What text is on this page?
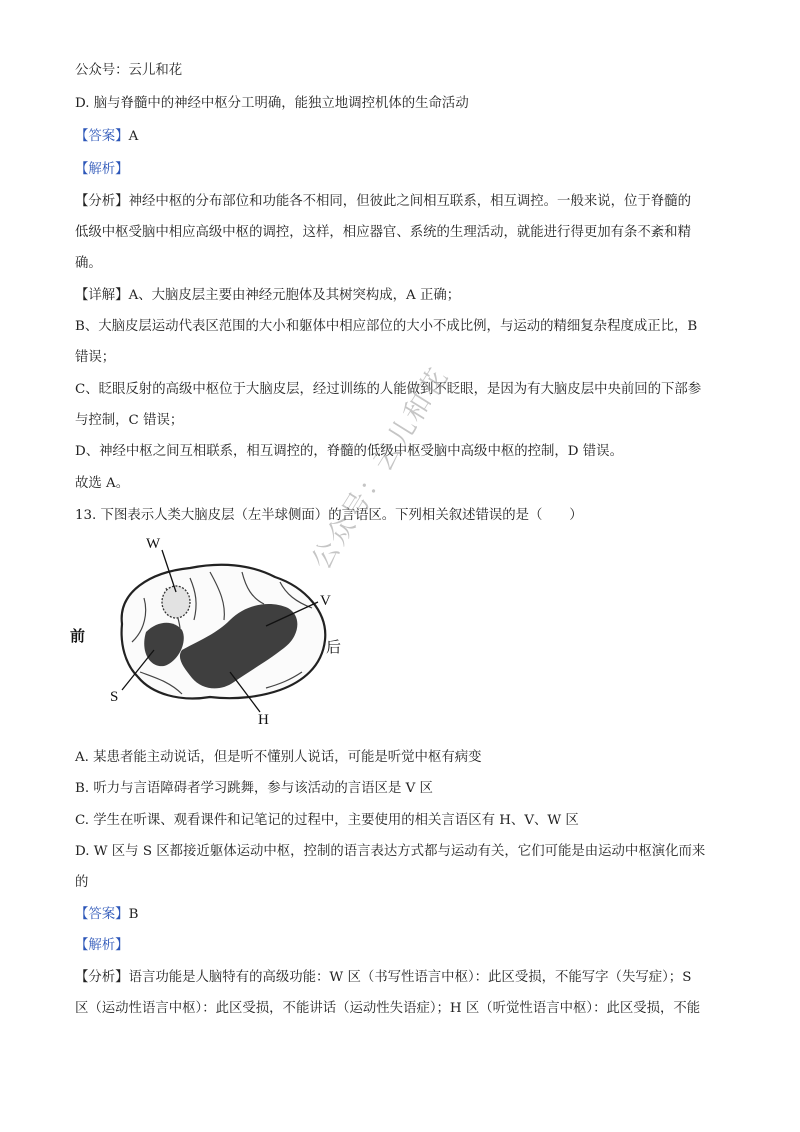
公众号：云儿和花
D. 脑与脊髓中的神经中枢分工明确，能独立地调控机体的生命活动
【答案】A
【解析】
【分析】神经中枢的分布部位和功能各不相同，但彼此之间相互联系，相互调控。一般来说，位于脊髓的
低级中枢受脑中相应高级中枢的调控，这样，相应器官、系统的生理活动，就能进行得更加有条不紊和精
确。
【详解】A、大脑皮层主要由神经元胞体及其树突构成，A 正确；
B、大脑皮层运动代表区范围的大小和躯体中相应部位的大小不成比例，与运动的精细复杂程度成正比，B
错误；
C、眨眼反射的高级中枢位于大脑皮层，经过训练的人能做到不眨眼，是因为有大脑皮层中央前回的下部参
与控制，C 错误；
D、神经中枢之间互相联系，相互调控的，脊髓的低级中枢受脑中高级中枢的控制，D 错误。
故选 A。
13. 下图表示人类大脑皮层（左半球侧面）的言语区。下列相关叙述错误的是（　　）
W
V
前
后
S
H
公众号：云儿和花
A. 某患者能主动说话，但是听不懂别人说话，可能是听觉中枢有病变
B. 听力与言语障碍者学习跳舞，参与该活动的言语区是 V 区
C. 学生在听课、观看课件和记笔记的过程中，主要使用的相关言语区有 H、V、W 区
D. W 区与 S 区都接近躯体运动中枢，控制的语言表达方式都与运动有关，它们可能是由运动中枢演化而来
的
【答案】B
【解析】
【分析】语言功能是人脑特有的高级功能：W 区（书写性语言中枢）：此区受损，不能写字（失写症）；S
区（运动性语言中枢）：此区受损，不能讲话（运动性失语症）；H 区（听觉性语言中枢）：此区受损，不能
